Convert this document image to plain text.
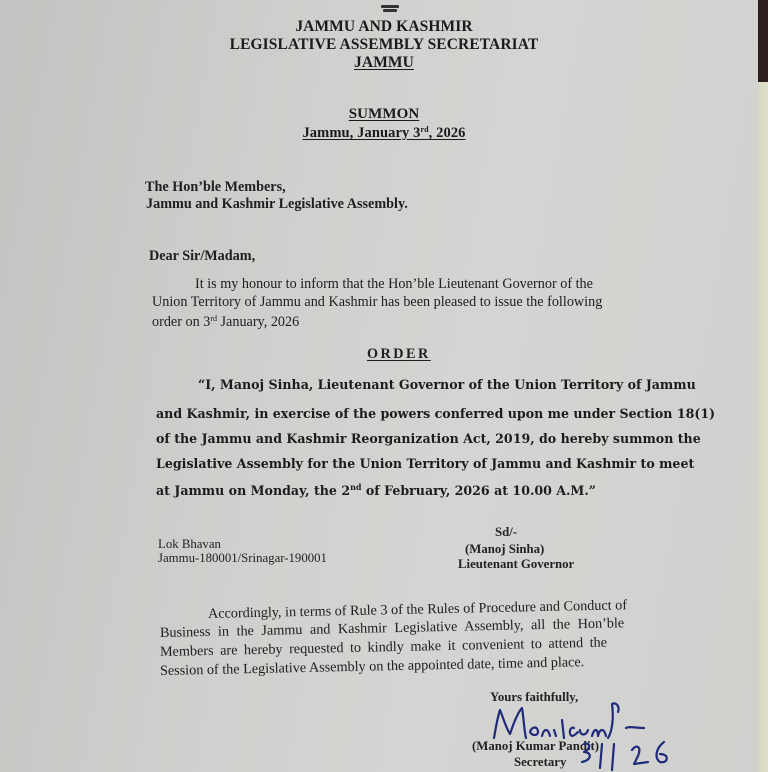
JAMMU AND KASHMIR
LEGISLATIVE ASSEMBLY SECRETARIAT
JAMMU
SUMMON
Jammu, January 3rd, 2026
The Hon’ble Members,
Jammu and Kashmir Legislative Assembly.
Dear Sir/Madam,
It is my honour to inform that the Hon’ble Lieutenant Governor of the
Union Territory of Jammu and Kashmir has been pleased to issue the following
order on 3rd January, 2026
ORDER
“I, Manoj Sinha, Lieutenant Governor of the Union Territory of Jammu
and Kashmir, in exercise of the powers conferred upon me under Section 18(1)
of the Jammu and Kashmir Reorganization Act, 2019, do hereby summon the
Legislative Assembly for the Union Territory of Jammu and Kashmir to meet
at Jammu on Monday, the 2nd of February, 2026 at 10.00 A.M.”
Lok Bhavan
Jammu-180001/Srinagar-190001
Sd/-
(Manoj Sinha)
Lieutenant Governor
Accordingly, in terms of Rule 3 of the Rules of Procedure and Conduct of
Business in the Jammu and Kashmir Legislative Assembly, all the Hon’ble
Members are hereby requested to kindly make it convenient to attend the
Session of the Legislative Assembly on the appointed date, time and place.
Yours faithfully,
(Manoj Kumar Pandit)
Secretary
